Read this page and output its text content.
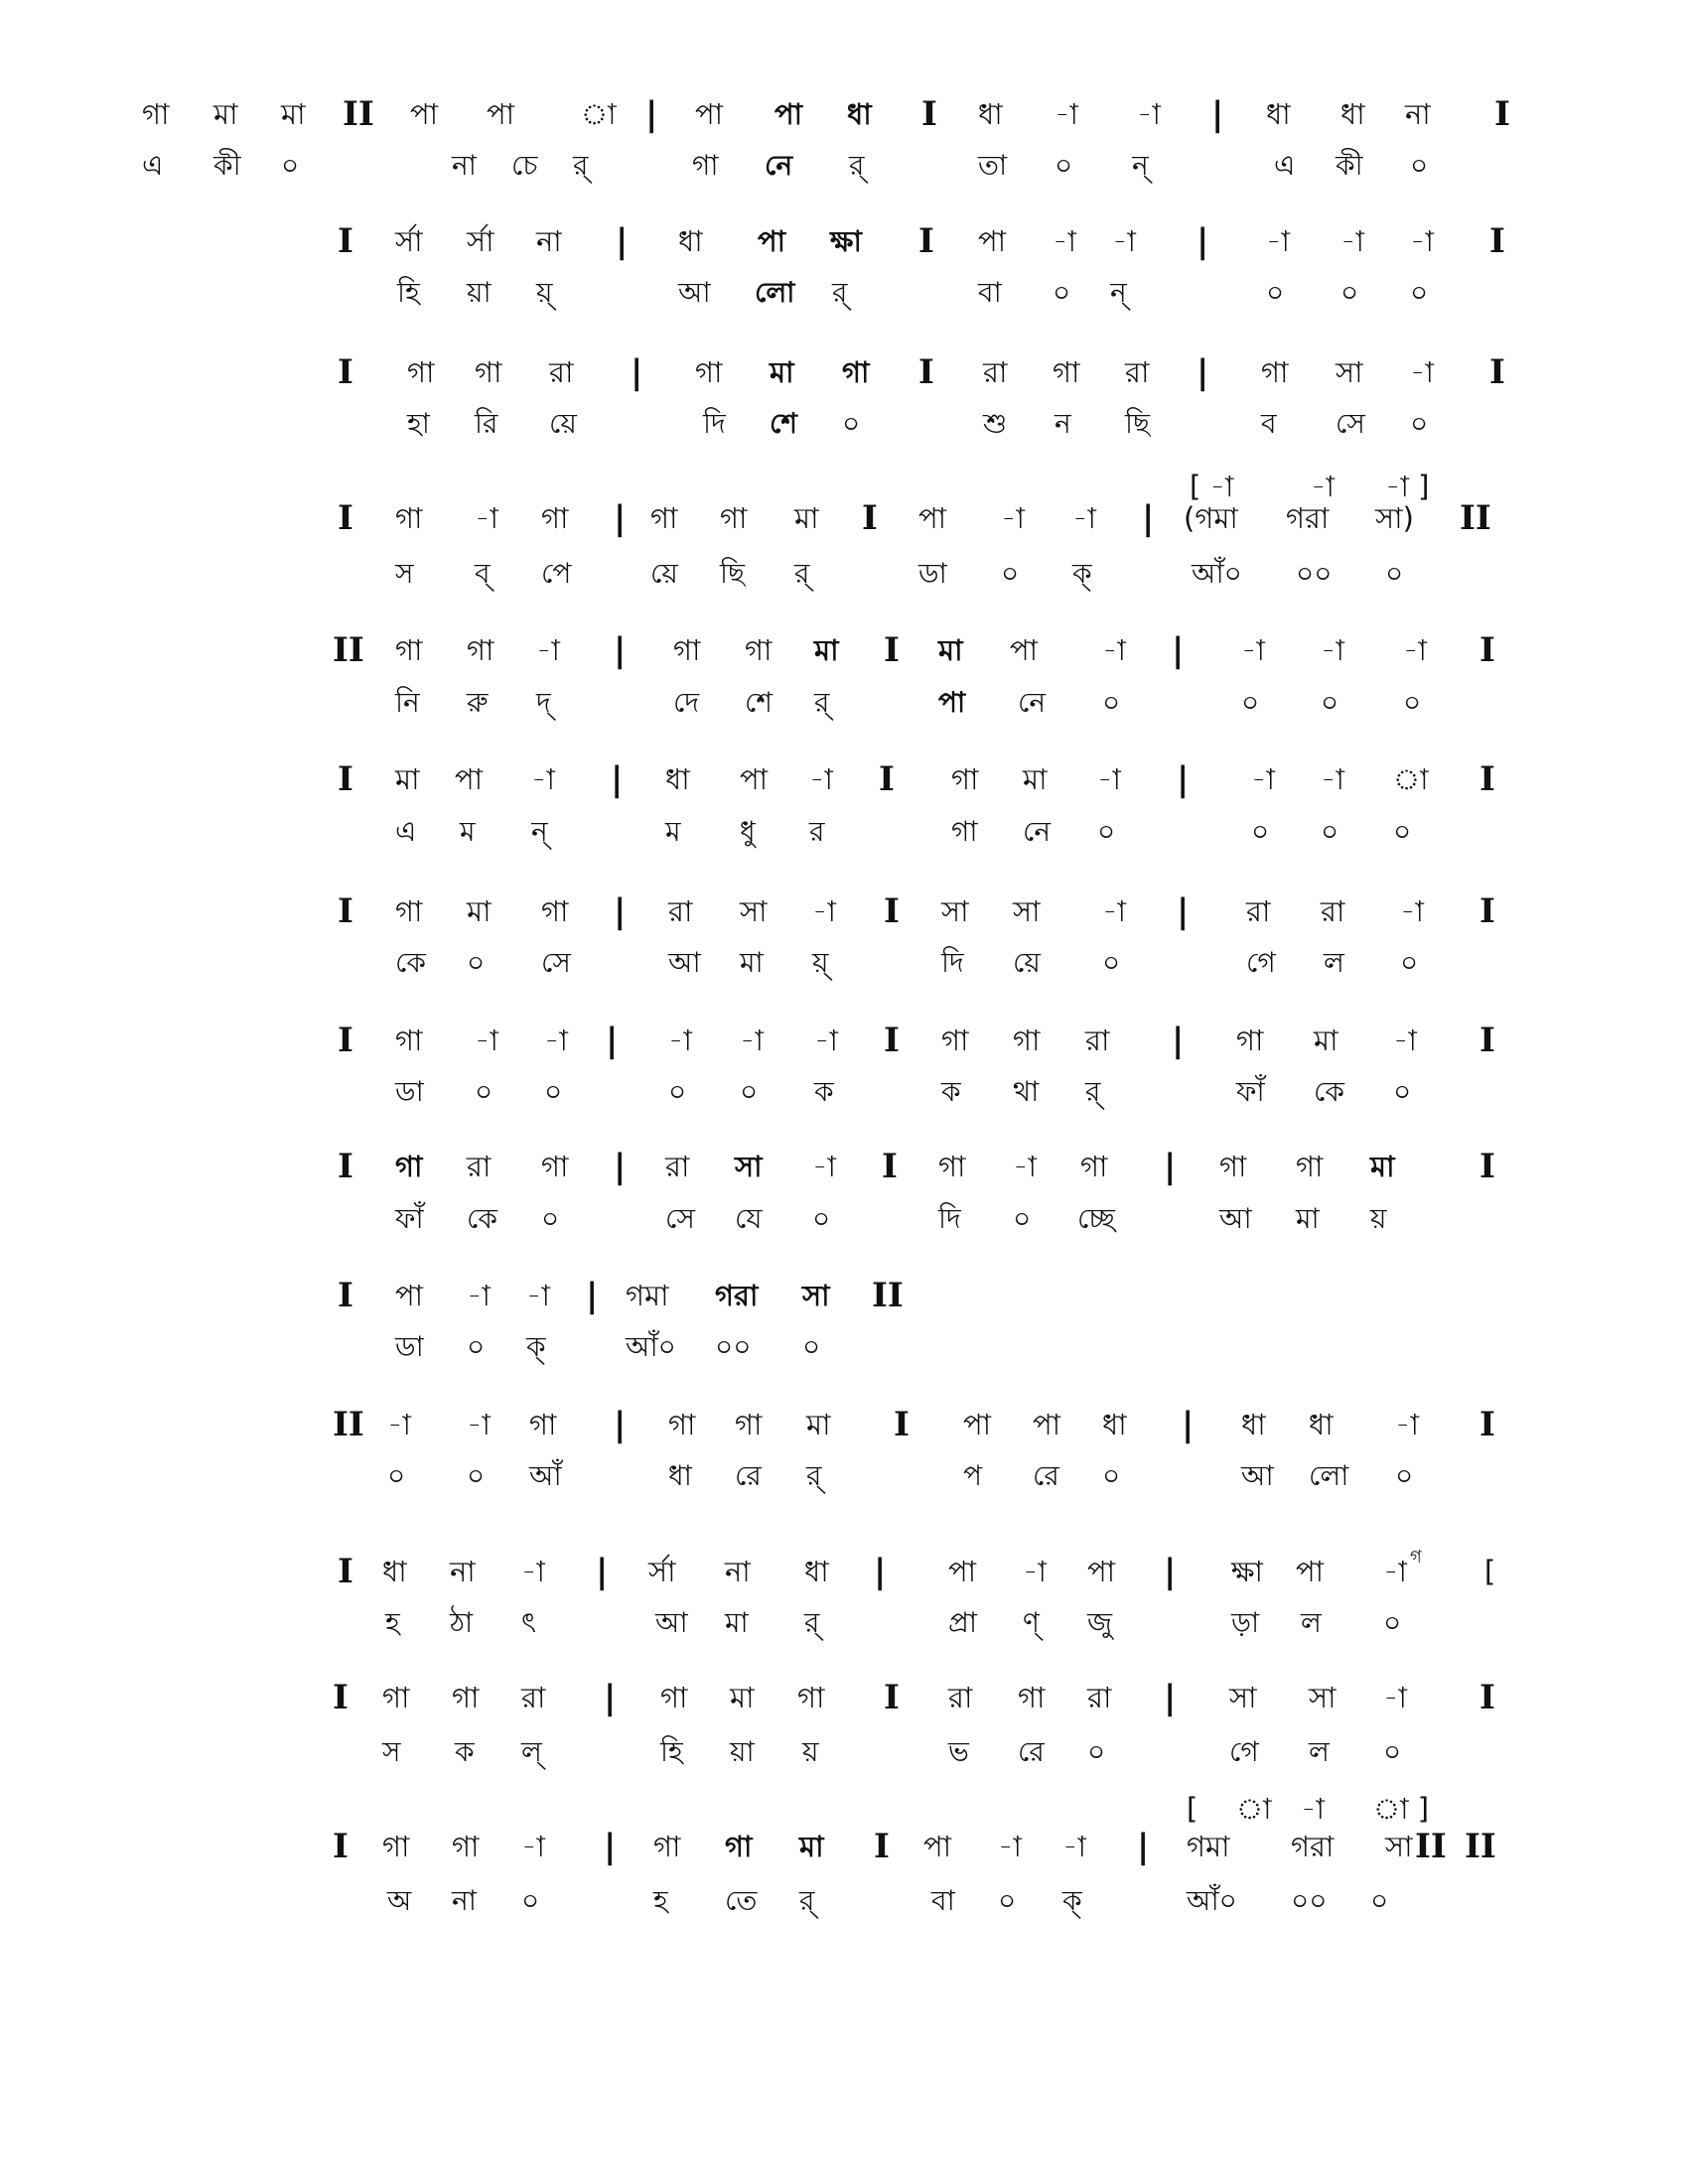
গা মা মা II পা পা া | পা পা ধা I ধা -া -া | ধা ধা না I
এ কী ০	না চে র্	গা নে র্	তা ০ ন্	এ কী ০
I র্সা র্সা না | ধা পা ক্ষা I পা -া -া | -া -া -া I
হি য়া য়্	আ লো র্	বা ০ ন্	০ ০ ০
I গা গা রা | গা মা গা I রা গা রা | গা সা -া I
হা রি য়ে	দি শে ০	শু ন ছি	ব সে ০
[ -া	-া -া ]
I গা -া গা | গা গা মা I পা -া -া | (গমা গরা সা) II
স ব্ পে	য়ে ছি র্	ডা ০ ক্	আঁ০ ০০ ০
II গা গা -া | গা গা মা I মা পা -া | -া -া -া I
নি রু দ্	দে শে র্	পা নে ০	০ ০ ০
I মা পা -া | ধা পা -া I গা মা -া | -া -া া I
এ ম ন্	ম ধু র	গা নে ০	০ ০ ০
I গা মা গা | রা সা -া I সা সা -া | রা রা -া I
কে ০ সে	আ মা য়্	দি য়ে ০	গে ল ০
I গা -া -া | -া -া -া I গা গা রা | গা মা -া I
ডা ০ ০	০ ০ ক	ক থা র্	ফাঁ কে ০
I গা রা গা | রা সা -া I গা -া গা | গা গা মা	I
ফাঁ কে ০	সে যে ০	দি ০ চ্ছে	আ মা য়
I পা -া -া | গমা গরা সা II
ডা ০ ক্	আঁ০ ০০ ০
II -া -া গা | গা গা মা I পা পা ধা | ধা ধা -া I
০ ০ আঁ	ধা রে র্	প রে ০	আ লো ০
I ধা না -া | র্সা না ধা | পা -া পা | ক্ষা পা -া গ [
হ ঠা ৎ	আ মা র্	প্রা ণ্ জু	ড়া ল ০
I গা গা রা | গা মা গা I রা গা রা | সা সা -া I
স ক ল্	হি য়া য়	ভ রে ০	গে ল ০
[ া -া া ]
I গা গা -া | গা গা মা I পা -া -া | গমা গরা সা II II
অ না ০	হ তে র্	বা ০ ক্	আঁ০ ০০ ০
